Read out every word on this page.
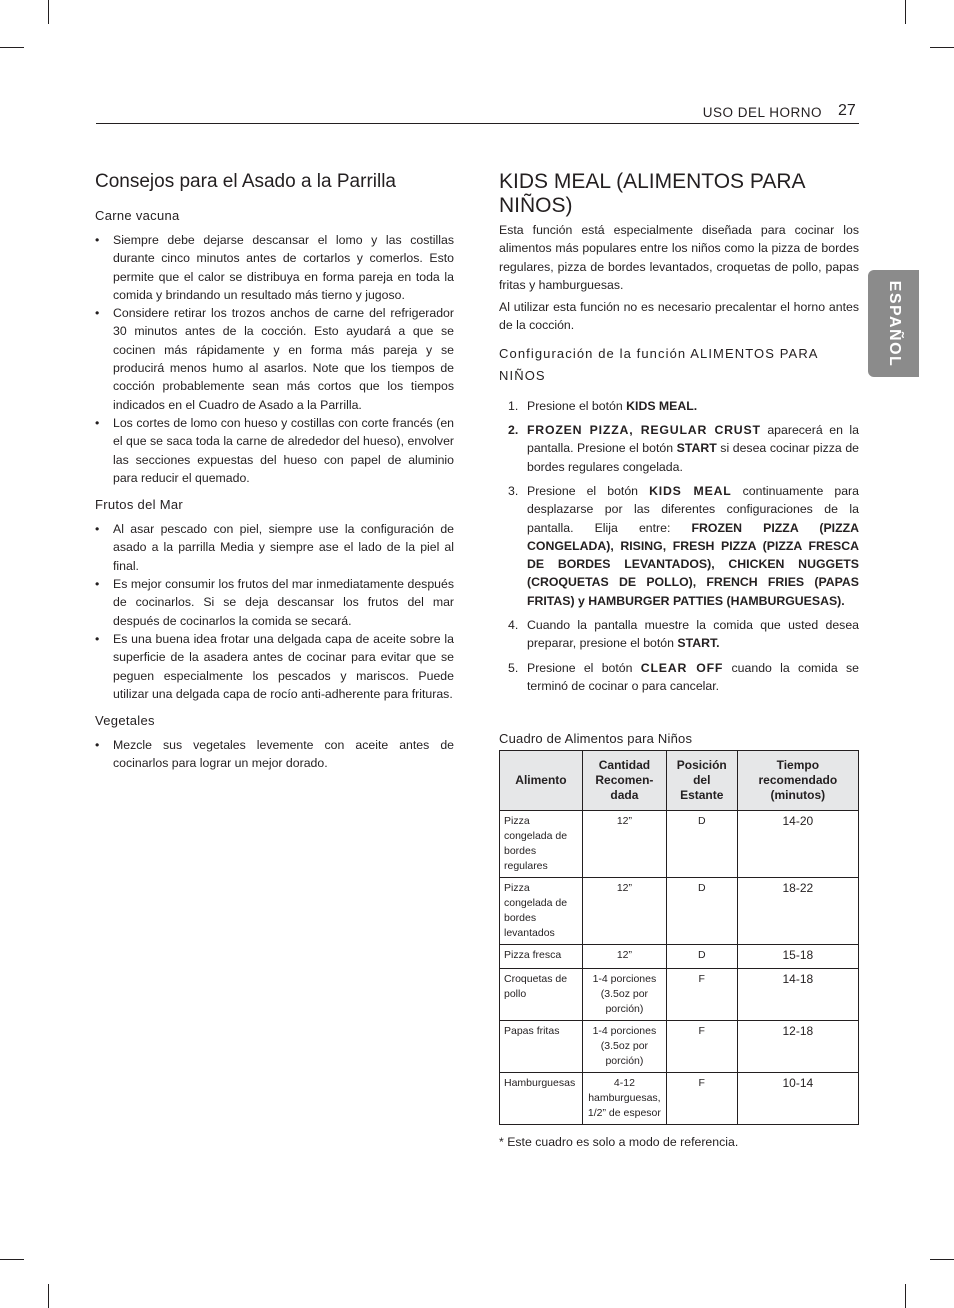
USO DEL HORNO 27
ESPAÑOL
Consejos para el Asado a la Parrilla
Carne vacuna
• Siempre debe dejarse descansar el lomo y las costillas durante cinco minutos antes de cortarlos y comerlos. Esto permite que el calor se distribuya en forma pareja en toda la comida y brindando un resultado más tierno y jugoso.
• Considere retirar los trozos anchos de carne del refrigerador 30 minutos antes de la cocción. Esto ayudará a que se cocinen más rápidamente y en forma más pareja y se producirá menos humo al asarlos. Note que los tiempos de cocción probablemente sean más cortos que los tiempos indicados en el Cuadro de Asado a la Parrilla.
• Los cortes de lomo con hueso y costillas con corte francés (en el que se saca toda la carne de alrededor del hueso), envolver las secciones expuestas del hueso con papel de aluminio para reducir el quemado.
Frutos del Mar
• Al asar pescado con piel, siempre use la configuración de asado a la parrilla Media y siempre ase el lado de la piel al final.
• Es mejor consumir los frutos del mar inmediatamente después de cocinarlos. Si se deja descansar los frutos del mar después de cocinarlos la comida se secará.
• Es una buena idea frotar una delgada capa de aceite sobre la superficie de la asadera antes de cocinar para evitar que se peguen especialmente los pescados y mariscos. Puede utilizar una delgada capa de rocío anti-adherente para frituras.
Vegetales
• Mezcle sus vegetales levemente con aceite antes de cocinarlos para lograr un mejor dorado.
KIDS MEAL (ALIMENTOS PARA NIÑOS)

Esta función está especialmente diseñada para cocinar los alimentos más populares entre los niños como la pizza de bordes regulares, pizza de bordes levantados, croquetas de pollo, papas fritas y hamburguesas.

Al utilizar esta función no es necesario precalentar el horno antes de la cocción.

Configuración de la función ALIMENTOS PARA NIÑOS
1. Presione el botón KIDS MEAL.
2. FROZEN PIZZA, REGULAR CRUST aparecerá en la pantalla. Presione el botón START si desea cocinar pizza de bordes regulares congelada.
3. Presione el botón KIDS MEAL continuamente para desplazarse por las diferentes configuraciones de la pantalla. Elija entre: FROZEN PIZZA (PIZZA CONGELADA), RISING, FRESH PIZZA (PIZZA FRESCA DE BORDES LEVANTADOS), CHICKEN NUGGETS (CROQUETAS DE POLLO), FRENCH FRIES (PAPAS FRITAS) y HAMBURGER PATTIES (HAMBURGUESAS).
4. Cuando la pantalla muestre la comida que usted desea preparar, presione el botón START.
5. Presione el botón CLEAR OFF cuando la comida se terminó de cocinar o para cancelar.
Cuadro de Alimentos para Niños
Alimento	Cantidad Recomen-dada	Posición del Estante	Tiempo recomendado (minutos)
Pizza congelada de bordes regulares	12”	D	14-20
Pizza congelada de bordes levantados	12”	D	18-22
Pizza fresca	12”	D	15-18
Croquetas de pollo	1-4 porciones (3.5oz por porción)	F	14-18
Papas fritas	1-4 porciones (3.5oz por porción)	F	12-18
Hamburguesas	4-12 hamburguesas, 1/2” de espesor	F	10-14
* Este cuadro es solo a modo de referencia.
